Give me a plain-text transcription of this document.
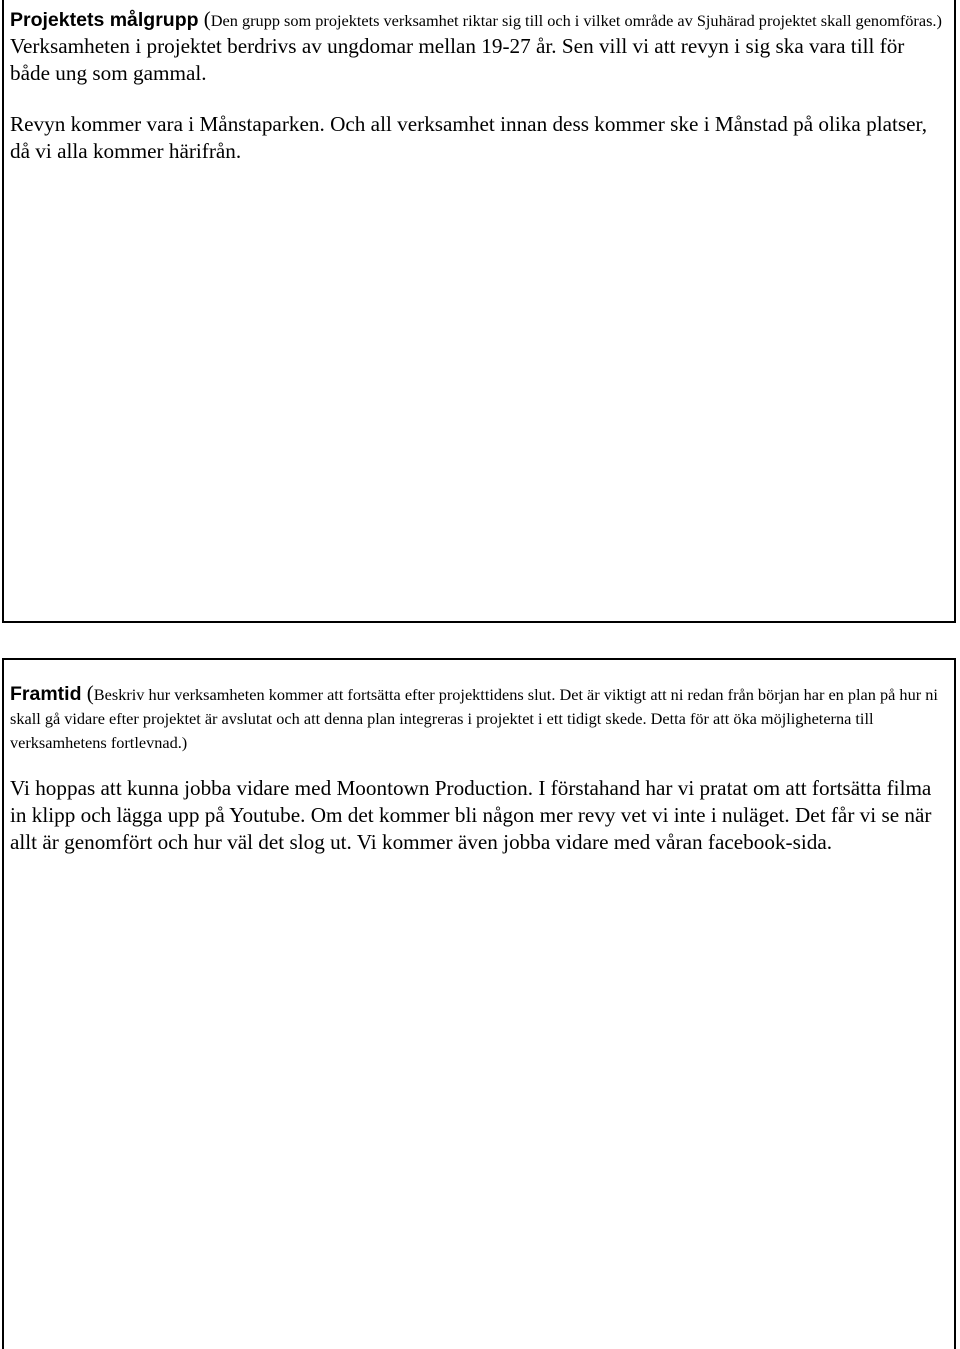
Projektets målgrupp (Den grupp som projektets verksamhet riktar sig till och i vilket område av Sjuhärad projektet skall genomföras.)

Verksamheten i projektet berdrivs av ungdomar mellan 19-27 år. Sen vill vi att revyn i sig ska vara till för både ung som gammal.

Revyn kommer vara i Månstaparken. Och all verksamhet innan dess kommer ske i Månstad på olika platser, då vi alla kommer härifrån.

Framtid (Beskriv hur verksamheten kommer att fortsätta efter projekttidens slut. Det är viktigt att ni redan från början har en plan på hur ni skall gå vidare efter projektet är avslutat och att denna plan integreras i projektet i ett tidigt skede. Detta för att öka möjligheterna till verksamhetens fortlevnad.)

Vi hoppas att kunna jobba vidare med Moontown Production. I förstahand har vi pratat om att fortsätta filma in klipp och lägga upp på Youtube. Om det kommer bli någon mer revy vet vi inte i nuläget. Det får vi se när allt är genomfört och hur väl det slog ut. Vi kommer även jobba vidare med våran facebook-sida.
